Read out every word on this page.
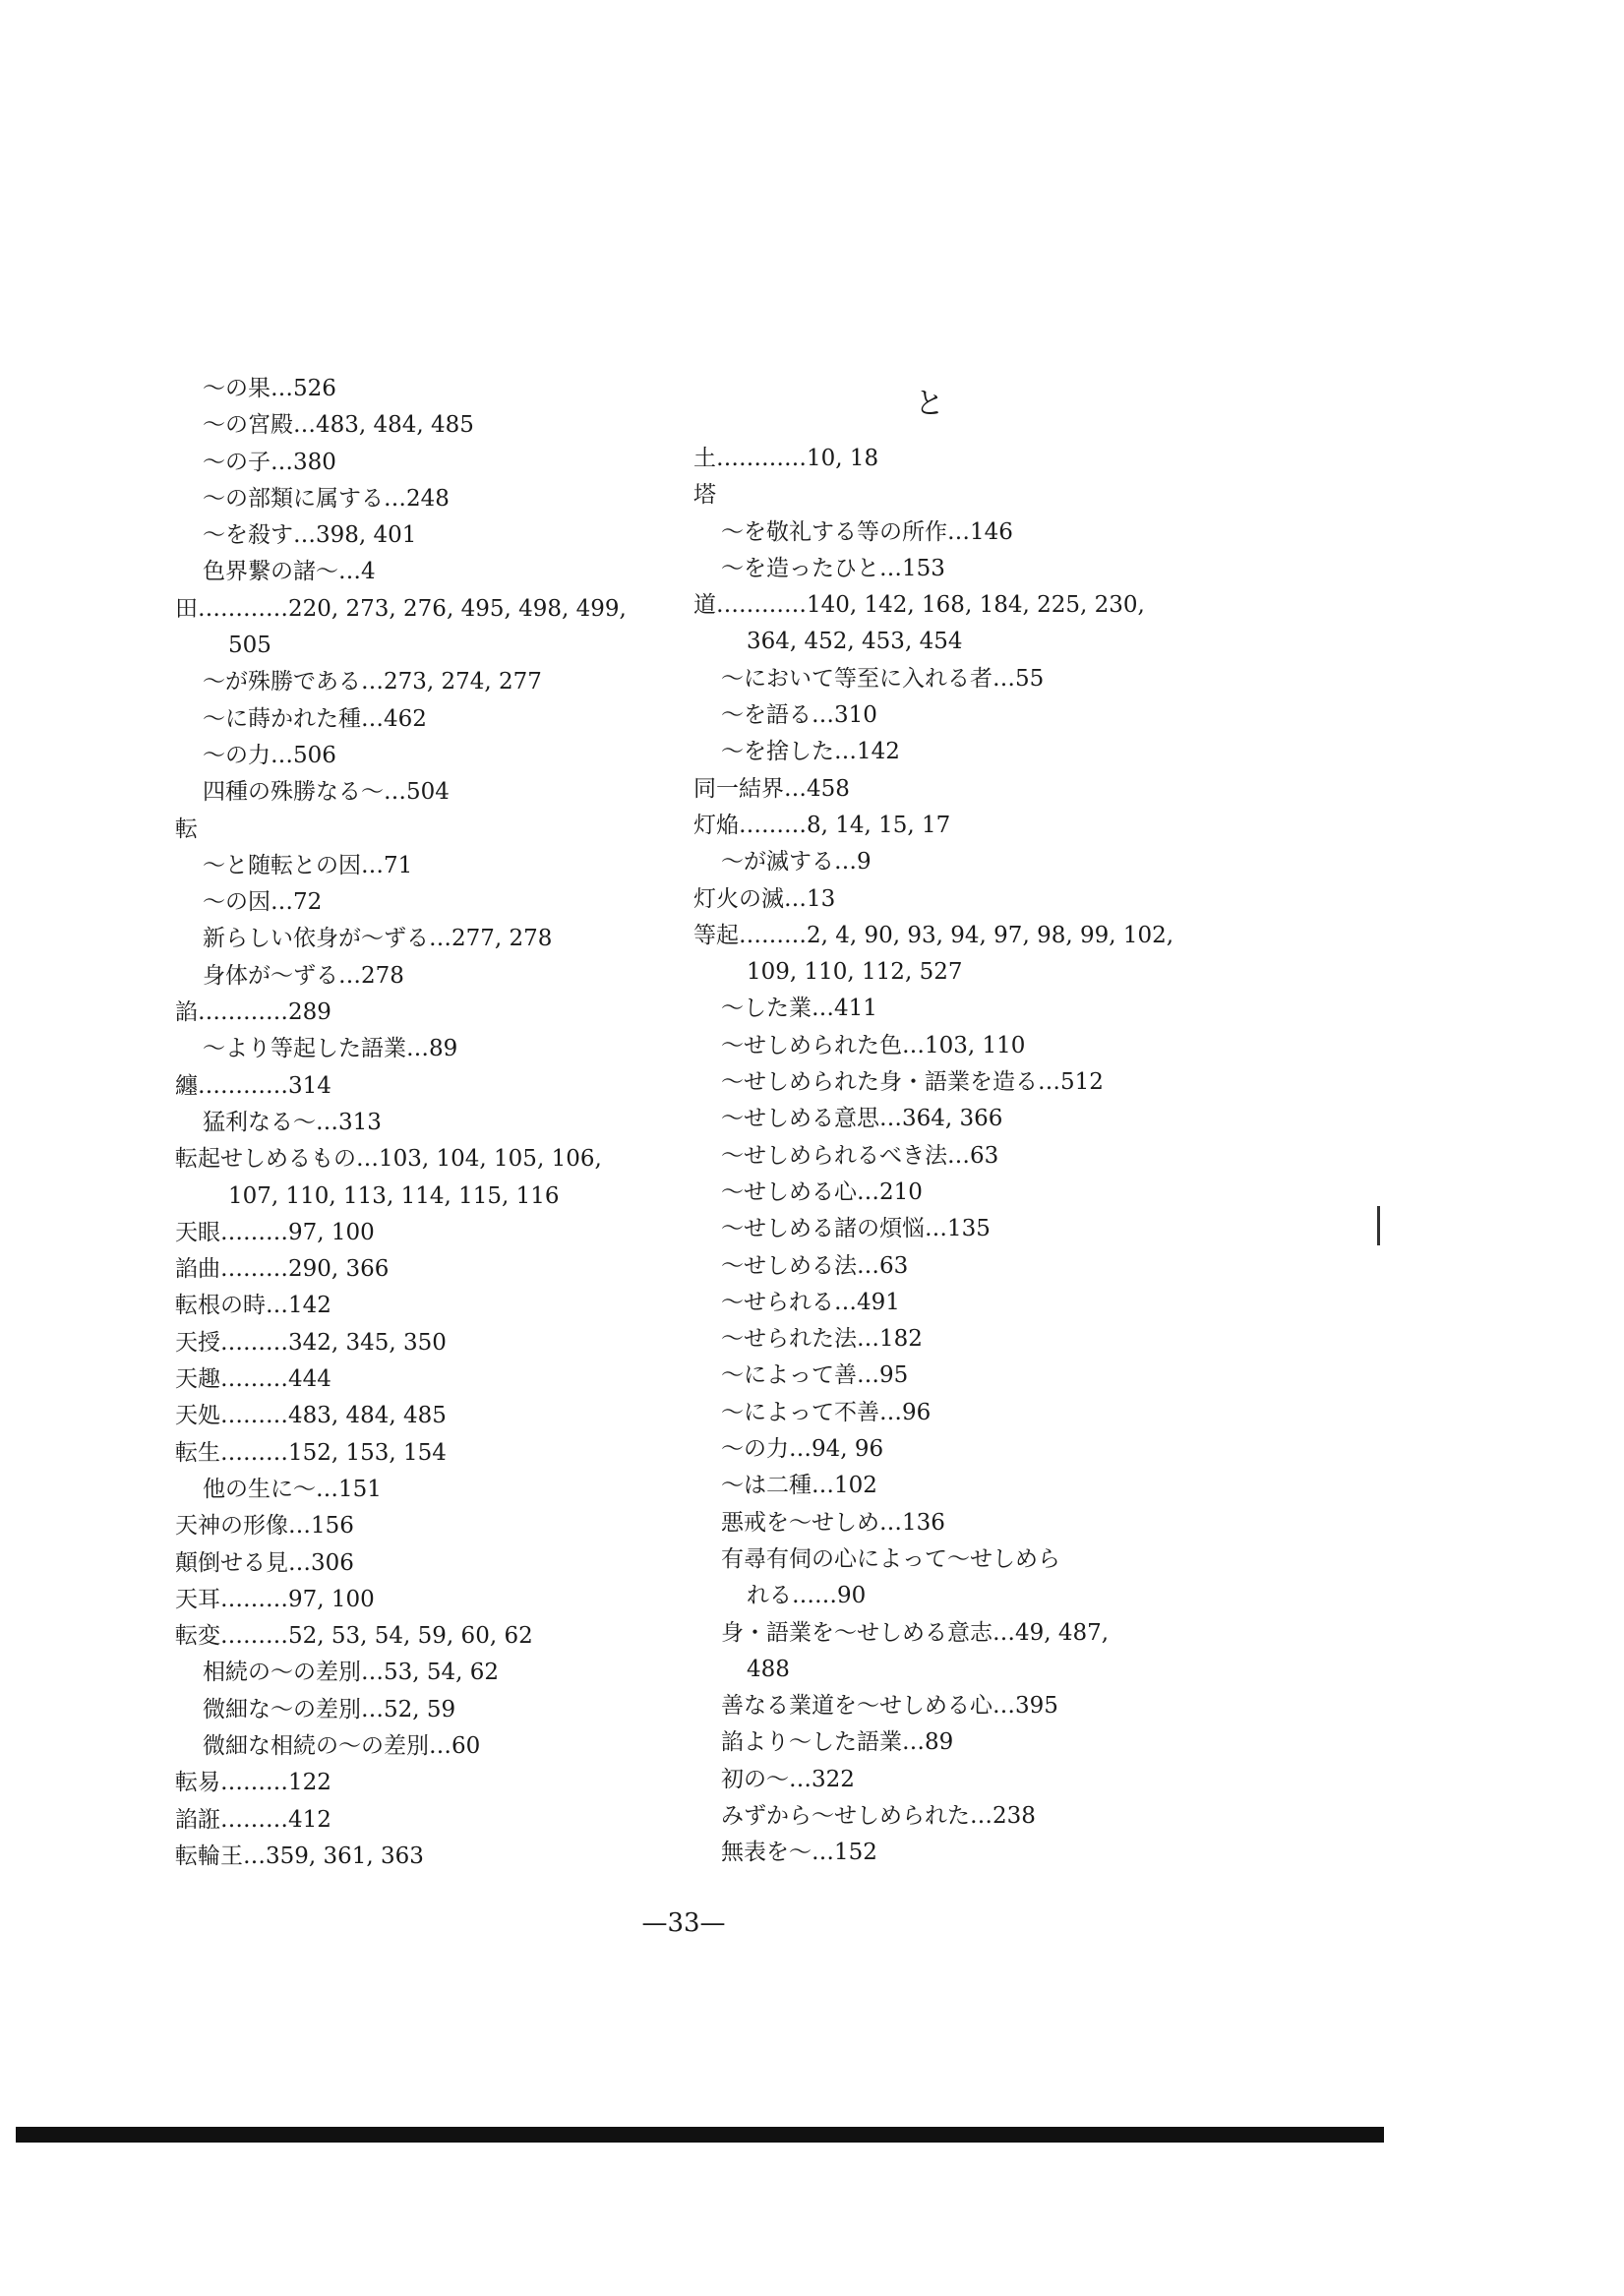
～の果…526
～の宮殿…483, 484, 485
～の子…380
～の部類に属する…248
～を殺す…398, 401
色界繋の諸～…4
田…………220, 273, 276, 495, 498, 499,
505
～が殊勝である…273, 274, 277
～に蒔かれた種…462
～の力…506
四種の殊勝なる～…504
転
～と随転との因…71
～の因…72
新らしい依身が～ずる…277, 278
身体が～ずる…278
諂…………289
～より等起した語業…89
纏…………314
猛利なる～…313
転起せしめるもの…103, 104, 105, 106,
107, 110, 113, 114, 115, 116
天眼………97, 100
諂曲………290, 366
転根の時…142
天授………342, 345, 350
天趣………444
天処………483, 484, 485
転生………152, 153, 154
他の生に～…151
天神の形像…156
顛倒せる見…306
天耳………97, 100
転変………52, 53, 54, 59, 60, 62
相続の～の差別…53, 54, 62
微細な～の差別…52, 59
微細な相続の～の差別…60
転易………122
諂誑………412
転輪王…359, 361, 363
と
土…………10, 18
塔
～を敬礼する等の所作…146
～を造ったひと…153
道…………140, 142, 168, 184, 225, 230,
364, 452, 453, 454
～において等至に入れる者…55
～を語る…310
～を捨した…142
同一結界…458
灯焔………8, 14, 15, 17
～が滅する…9
灯火の滅…13
等起………2, 4, 90, 93, 94, 97, 98, 99, 102,
109, 110, 112, 527
～した業…411
～せしめられた色…103, 110
～せしめられた身・語業を造る…512
～せしめる意思…364, 366
～せしめられるべき法…63
～せしめる心…210
～せしめる諸の煩悩…135
～せしめる法…63
～せられる…491
～せられた法…182
～によって善…95
～によって不善…96
～の力…94, 96
～は二種…102
悪戒を～せしめ…136
有尋有伺の心によって～せしめら
れる……90
身・語業を～せしめる意志…49, 487,
488
善なる業道を～せしめる心…395
諂より～した語業…89
初の～…322
みずから～せしめられた…238
無表を～…152
—33—
